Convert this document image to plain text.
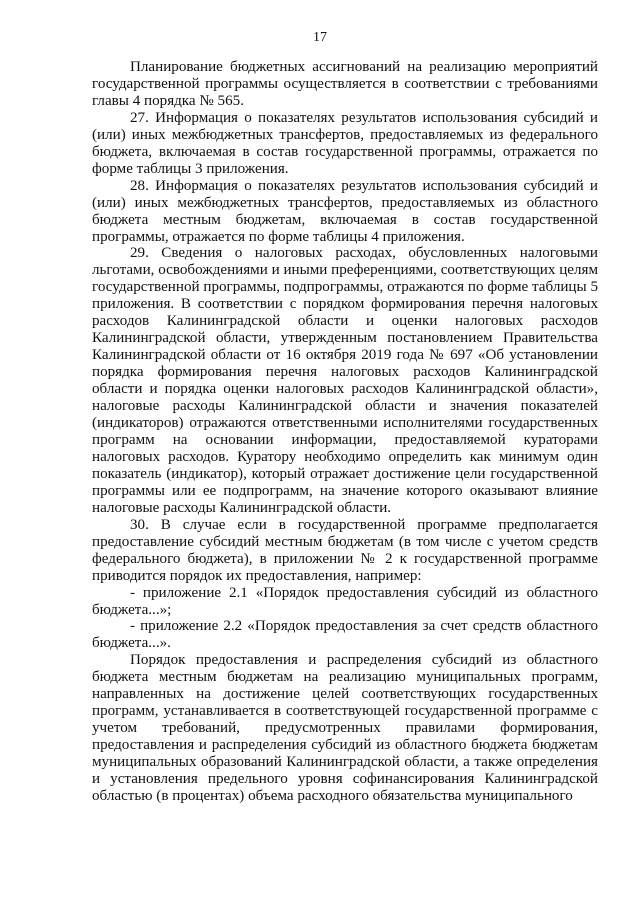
17

Планирование бюджетных ассигнований на реализацию мероприятий государственной программы осуществляется в соответствии с требованиями главы 4 порядка № 565.

27. Информация о показателях результатов использования субсидий и (или) иных межбюджетных трансфертов, предоставляемых из федерального бюджета, включаемая в состав государственной программы, отражается по форме таблицы 3 приложения.

28. Информация о показателях результатов использования субсидий и (или) иных межбюджетных трансфертов, предоставляемых из областного бюджета местным бюджетам, включаемая в состав государственной программы, отражается по форме таблицы 4 приложения.

29. Сведения о налоговых расходах, обусловленных налоговыми льготами, освобождениями и иными преференциями, соответствующих целям государственной программы, подпрограммы, отражаются по форме таблицы 5 приложения. В соответствии с порядком формирования перечня налоговых расходов Калининградской области и оценки налоговых расходов Калининградской области, утвержденным постановлением Правительства Калининградской области от 16 октября 2019 года № 697 «Об установлении порядка формирования перечня налоговых расходов Калининградской области и порядка оценки налоговых расходов Калининградской области», налоговые расходы Калининградской области и значения показателей (индикаторов) отражаются ответственными исполнителями государственных программ на основании информации, предоставляемой кураторами налоговых расходов. Куратору необходимо определить как минимум один показатель (индикатор), который отражает достижение цели государственной программы или ее подпрограмм, на значение которого оказывают влияние налоговые расходы Калининградской области.

30. В случае если в государственной программе предполагается предоставление субсидий местным бюджетам (в том числе с учетом средств федерального бюджета), в приложении № 2 к государственной программе приводится порядок их предоставления, например:

- приложение 2.1 «Порядок предоставления субсидий из областного бюджета...»;

- приложение 2.2 «Порядок предоставления за счет средств областного бюджета...».

Порядок предоставления и распределения субсидий из областного бюджета местным бюджетам на реализацию муниципальных программ, направленных на достижение целей соответствующих государственных программ, устанавливается в соответствующей государственной программе с учетом требований, предусмотренных правилами формирования, предоставления и распределения субсидий из областного бюджета бюджетам муниципальных образований Калининградской области, а также определения и установления предельного уровня софинансирования Калининградской областью (в процентах) объема расходного обязательства муниципального
